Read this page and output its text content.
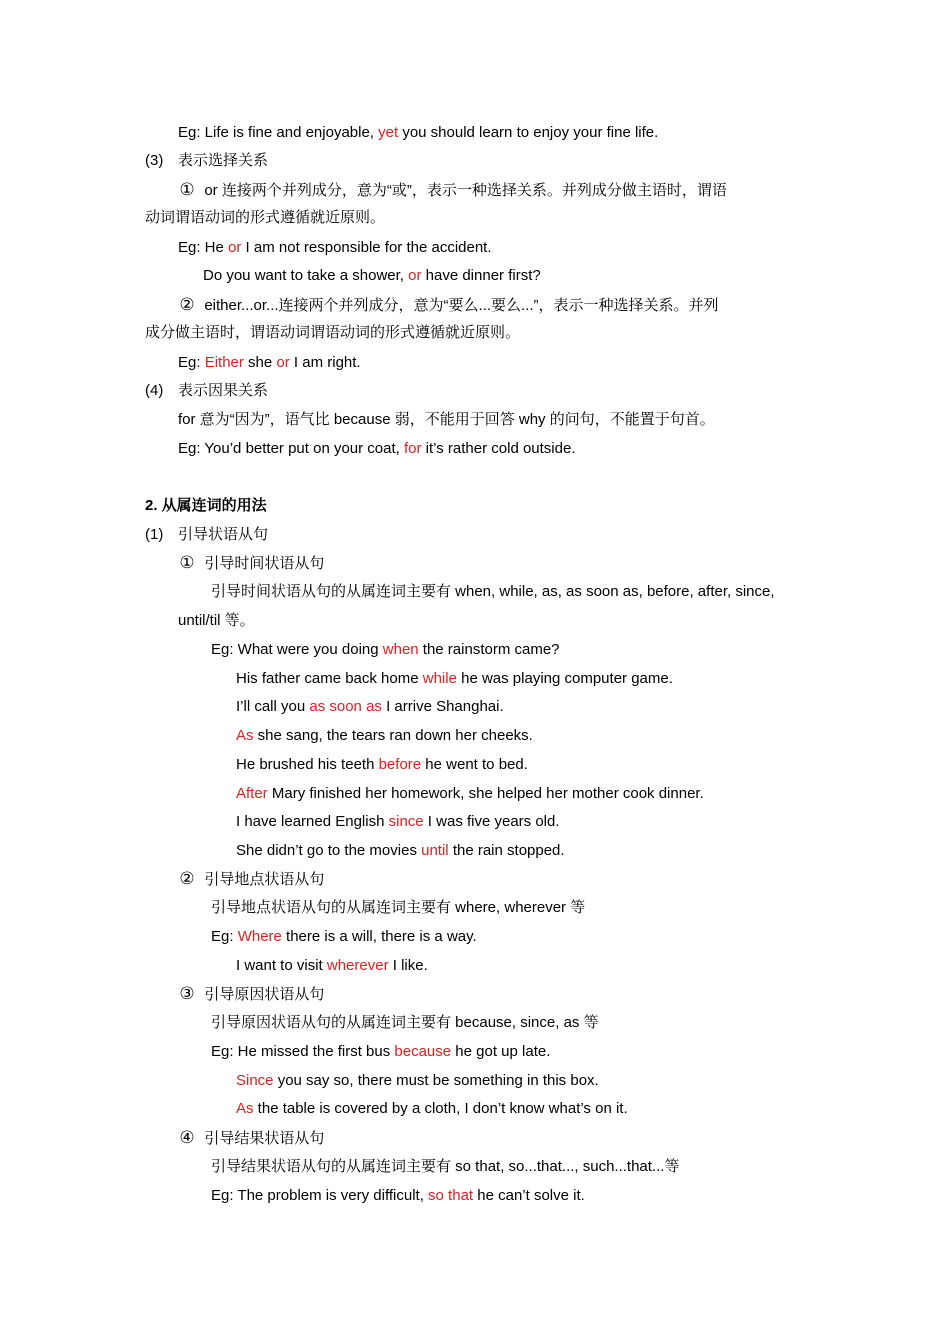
Eg: Life is fine and enjoyable, yet you should learn to enjoy your fine life.
(3) 表示选择关系
① or 连接两个并列成分，意为“或”，表示一种选择关系。并列成分做主语时，谓语
动词谓语动词的形式遵循就近原则。
Eg: He or I am not responsible for the accident.
Do you want to take a shower, or have dinner first?
② either...or...连接两个并列成分，意为“要么...要么...”，表示一种选择关系。并列
成分做主语时，谓语动词谓语动词的形式遵循就近原则。
Eg: Either she or I am right.
(4) 表示因果关系
for 意为“因为”，语气比 because 弱，不能用于回答 why 的问句，不能置于句首。
Eg: You’d better put on your coat, for it’s rather cold outside.
2. 从属连词的用法
(1) 引导状语从句
① 引导时间状语从句
引导时间状语从句的从属连词主要有 when, while, as, as soon as, before, after, since,
until/til 等。
Eg: What were you doing when the rainstorm came?
His father came back home while he was playing computer game.
I’ll call you as soon as I arrive Shanghai.
As she sang, the tears ran down her cheeks.
He brushed his teeth before he went to bed.
After Mary finished her homework, she helped her mother cook dinner.
I have learned English since I was five years old.
She didn’t go to the movies until the rain stopped.
② 引导地点状语从句
引导地点状语从句的从属连词主要有 where, wherever 等
Eg: Where there is a will, there is a way.
I want to visit wherever I like.
③ 引导原因状语从句
引导原因状语从句的从属连词主要有 because, since, as 等
Eg: He missed the first bus because he got up late.
Since you say so, there must be something in this box.
As the table is covered by a cloth, I don’t know what’s on it.
④ 引导结果状语从句
引导结果状语从句的从属连词主要有 so that, so...that..., such...that...等
Eg: The problem is very difficult, so that he can’t solve it.
